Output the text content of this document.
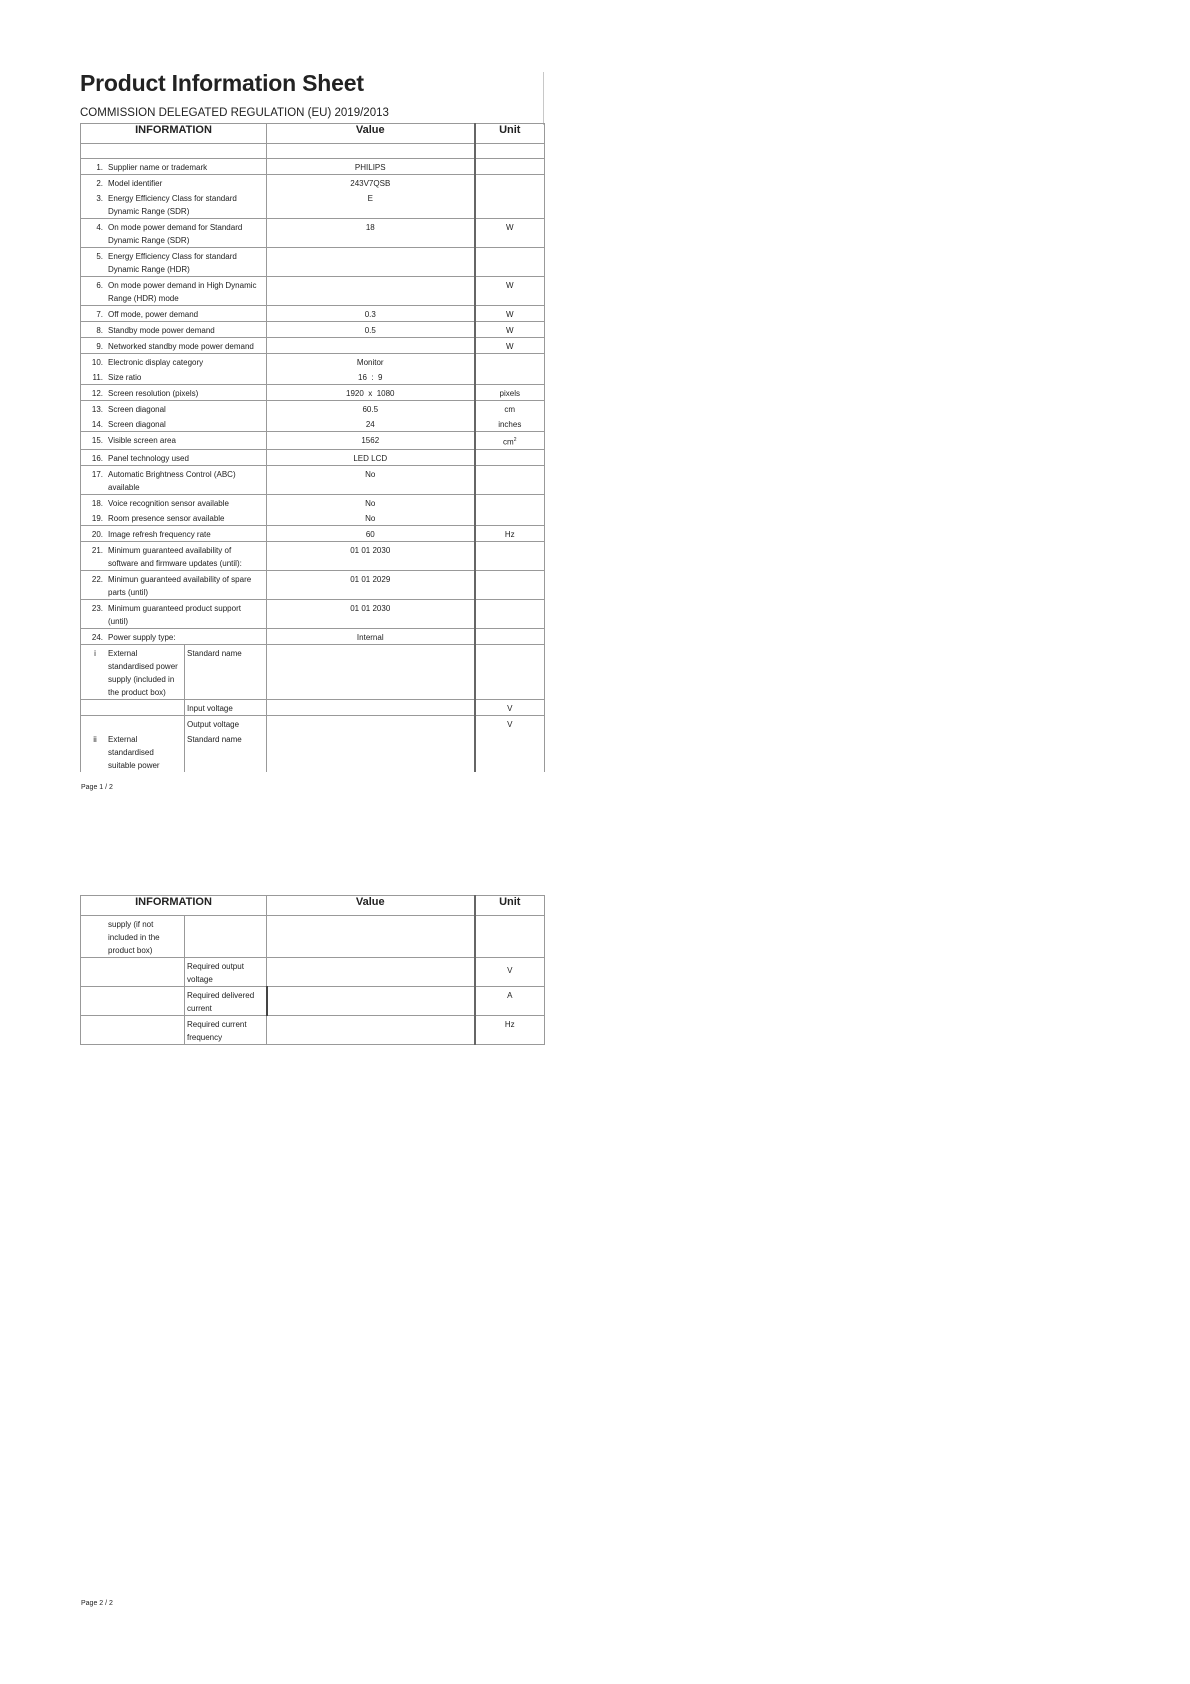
Product Information Sheet
COMMISSION DELEGATED REGULATION (EU) 2019/2013
INFORMATION		Value	Unit

1. Supplier name or trademark		PHILIPS	
2. Model identifier		243V7QSB	
3. Energy Efficiency Class for standard
Dynamic Range (SDR)		E	
4. On mode power demand for Standard
Dynamic Range (SDR)		18	W
5. Energy Efficiency Class for standard
Dynamic Range (HDR)			

6. On mode power demand in High Dynamic
Range (HDR) mode			W
7. Off mode, power demand		0.3	W
8. Standby mode power demand		0.5	W
9. Networked standby mode power demand			W
10. Electronic display category		Monitor	
11. Size ratio		16  :  9	
12. Screen resolution (pixels)		1920  x  1080	pixels
13. Screen diagonal		60.5	cm
14. Screen diagonal		24	inches
15. Visible screen area		1562	$cm^2$
16. Panel technology used		LED LCD	
17. Automatic Brightness Control (ABC)
available		No	
18. Voice recognition sensor available		No	
19. Room presence sensor available		No	
20. Image refresh frequency rate		60	Hz
21. Minimum guaranteed availability of
software and firmware updates (until):		01 01 2030	
22. Minimun guaranteed availability of spare
parts (until)		01 01 2029	
23. Minimum guaranteed product support
(until)		01 01 2030	
24. Power supply type:		Internal	
i External
standardised power
supply (included in
the product box)	Standard name		
	Input voltage		V
	Output voltage		V
ii External
standardised
suitable power	Standard name		
Page 1 / 2
INFORMATION		Value	Unit

supply (if not
included in the
product box)			

	Required output
voltage		V
	Required delivered
current		A
	Required current
frequency		Hz
Page 2 / 2
